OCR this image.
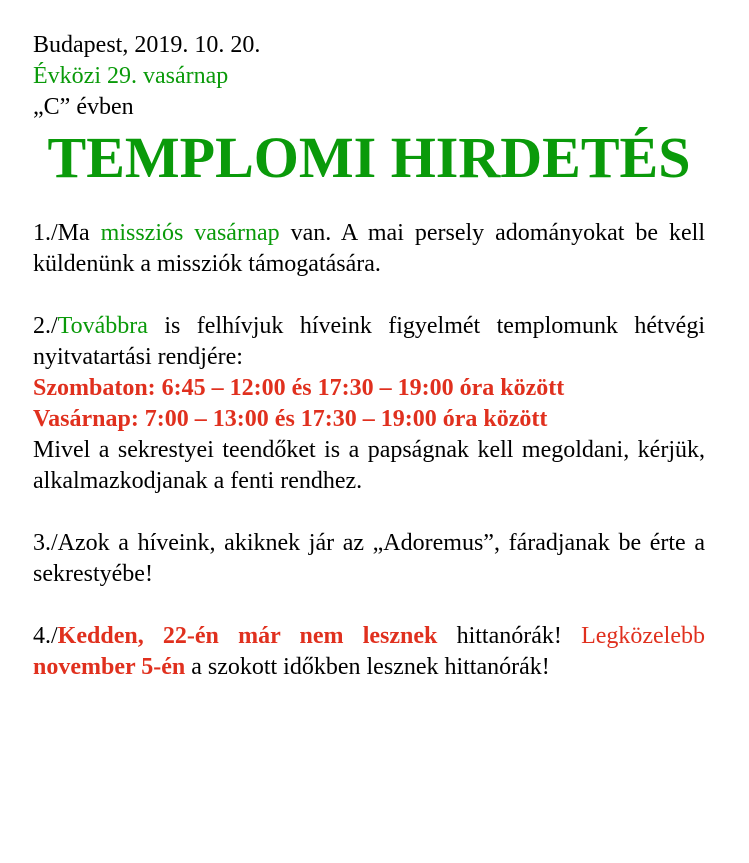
Budapest, 2019. 10. 20.
Évközi 29. vasárnap
„C” évben
TEMPLOMI HIRDETÉS
1./Ma missziós vasárnap van. A mai persely adományokat be kell küldenünk a missziók támogatására.
2./Továbbra is felhívjuk híveink figyelmét templomunk hétvégi nyitvatartási rendjére:
Szombaton: 6:45 – 12:00 és 17:30 – 19:00 óra között
Vasárnap: 7:00 – 13:00 és 17:30 – 19:00 óra között
Mivel a sekrestyei teendőket is a papságnak kell megoldani, kérjük, alkalmazkodjanak a fenti rendhez.
3./Azok a híveink, akiknek jár az „Adoremus”, fáradjanak be érte a sekrestyébe!
4./Kedden, 22-én már nem lesznek hittanórák! Legközelebb november 5-én a szokott időkben lesznek hittanórák!
